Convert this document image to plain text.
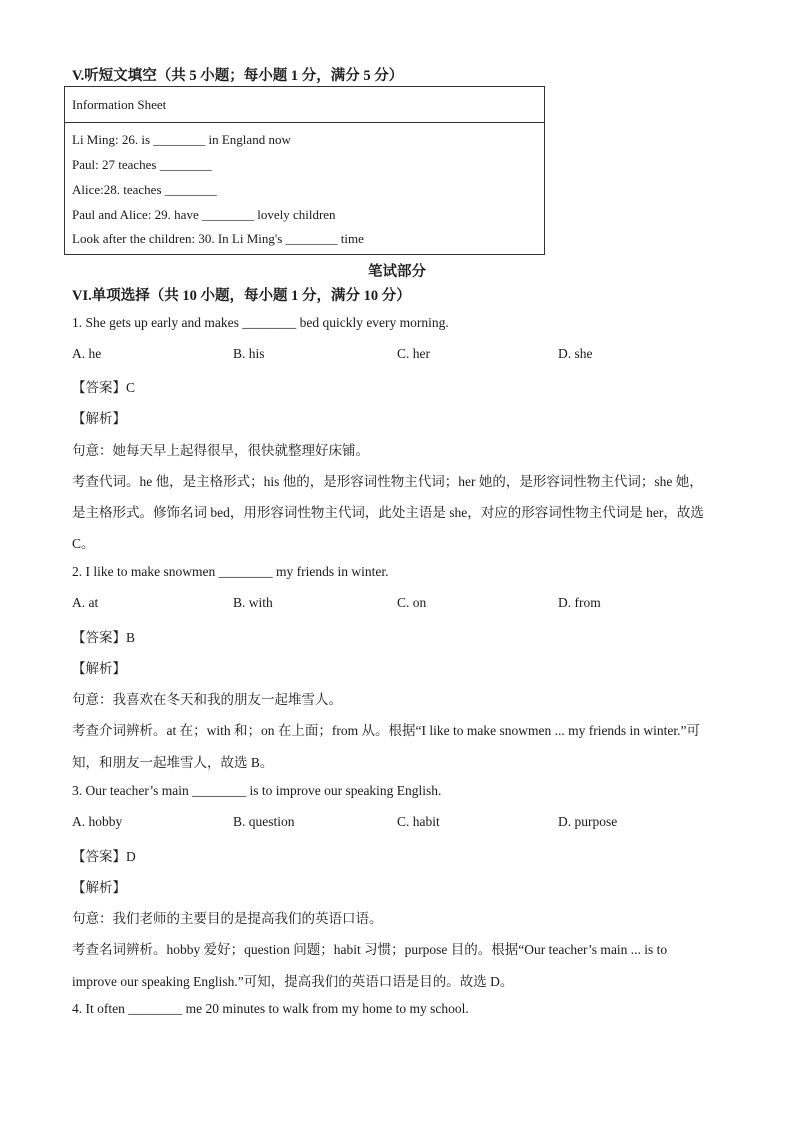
V.听短文填空（共 5 小题；每小题 1 分，满分 5 分）
Information Sheet
Li Ming: 26. is ________ in England now
Paul: 27 teaches ________
Alice:28. teaches ________
Paul and Alice: 29. have ________ lovely children
Look after the children: 30. In Li Ming's ________ time
笔试部分
VI.单项选择（共 10 小题，每小题 1 分，满分 10 分）
1. She gets up early and makes ________ bed quickly every morning.
A. he	B. his	C. her	D. she
【答案】C
【解析】
句意：她每天早上起得很早，很快就整理好床铺。
考查代词。he 他，是主格形式；his 他的，是形容词性物主代词；her 她的，是形容词性物主代词；she 她，
是主格形式。修饰名词 bed，用形容词性物主代词，此处主语是 she，对应的形容词性物主代词是 her，故选
C。
2. I like to make snowmen ________ my friends in winter.
A. at	B. with	C. on	D. from
【答案】B
【解析】
句意：我喜欢在冬天和我的朋友一起堆雪人。
考查介词辨析。at 在；with 和；on 在上面；from 从。根据“I like to make snowmen ... my friends in winter.”可
知，和朋友一起堆雪人，故选 B。
3. Our teacher’s main ________ is to improve our speaking English.
A. hobby	B. question	C. habit	D. purpose
【答案】D
【解析】
句意：我们老师的主要目的是提高我们的英语口语。
考查名词辨析。hobby 爱好；question 问题；habit 习惯；purpose 目的。根据“Our teacher’s main ... is to
improve our speaking English.”可知，提高我们的英语口语是目的。故选 D。
4. It often ________ me 20 minutes to walk from my home to my school.
